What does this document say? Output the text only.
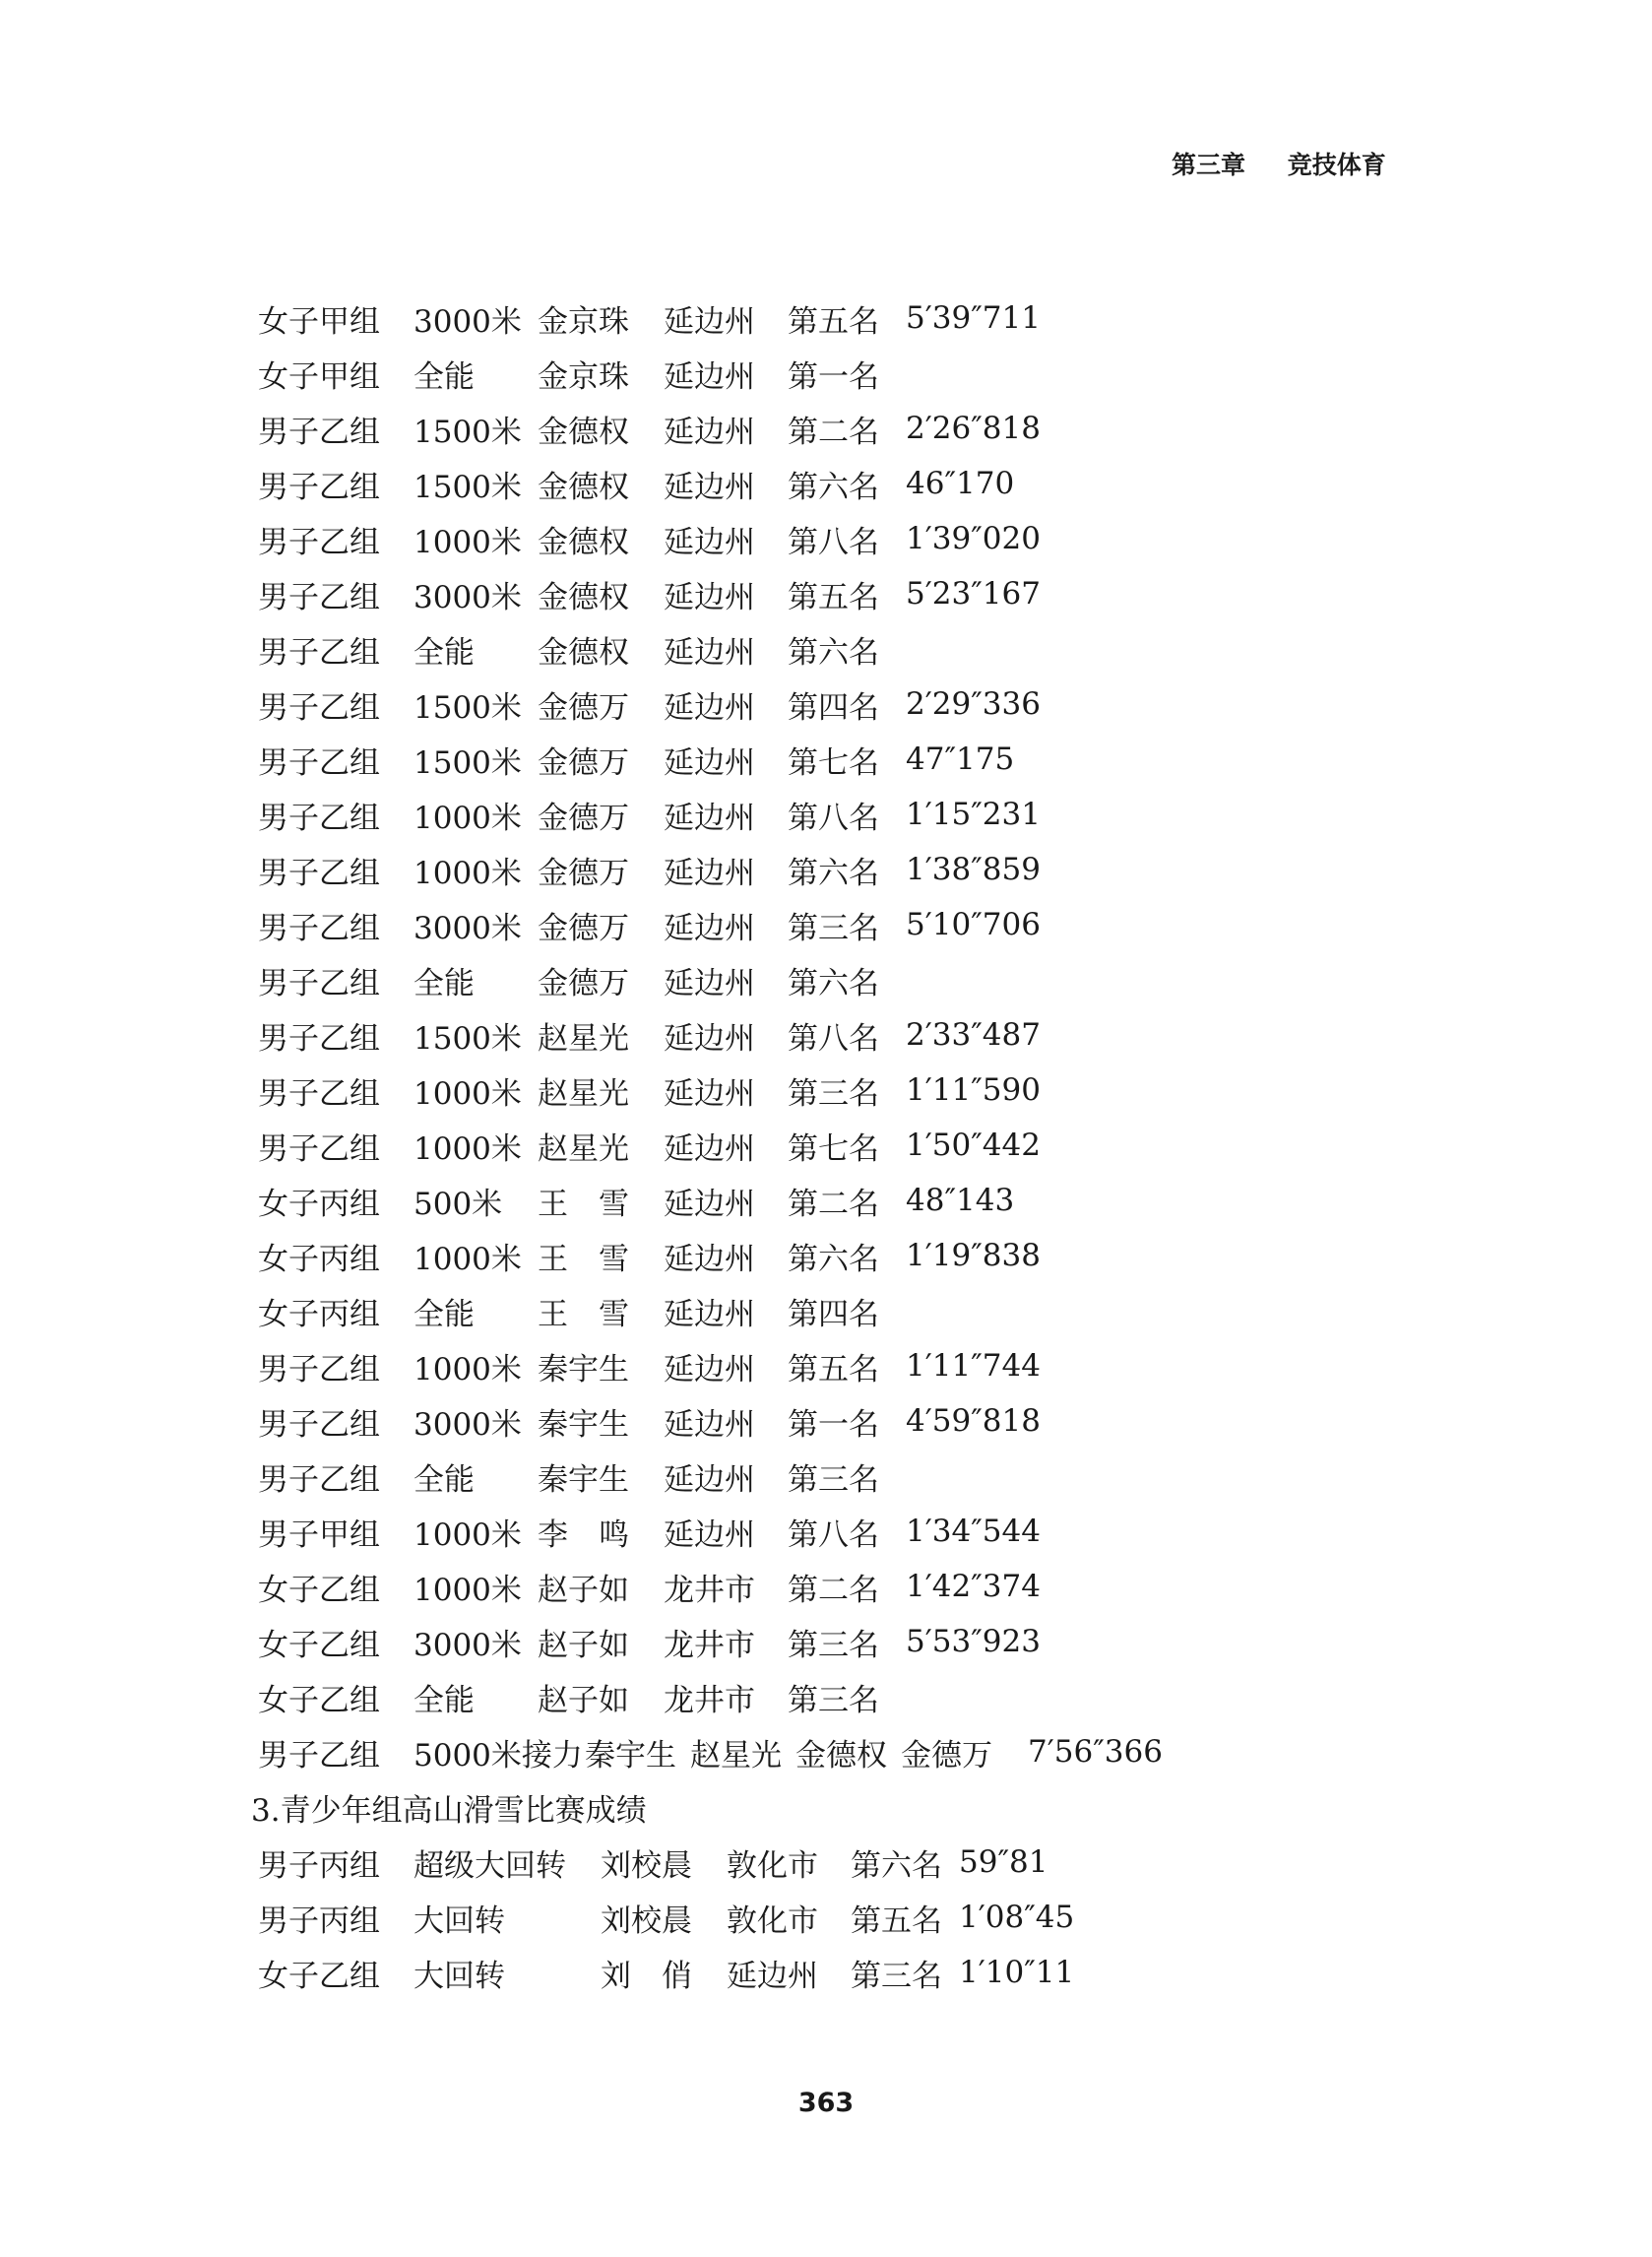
第三章 竞技体育
女子甲组	3000米 金京珠	延边州	第五名 5′39″711
女子甲组	全能	金京珠	延边州	第一名
男子乙组	1500米 金德权	延边州	第二名 2′26″818
男子乙组	1500米 金德权	延边州	第六名 46″170
男子乙组	1000米 金德权	延边州	第八名 1′39″020
男子乙组	3000米 金德权	延边州	第五名 5′23″167
男子乙组	全能	金德权	延边州	第六名
男子乙组	1500米 金德万	延边州	第四名 2′29″336
男子乙组	1500米 金德万	延边州	第七名 47″175
男子乙组	1000米 金德万	延边州	第八名 1′15″231
男子乙组	1000米 金德万	延边州	第六名 1′38″859
男子乙组	3000米 金德万	延边州	第三名 5′10″706
男子乙组	全能	金德万	延边州	第六名
男子乙组	1500米 赵星光	延边州	第八名 2′33″487
男子乙组	1000米 赵星光	延边州	第三名 1′11″590
男子乙组	1000米 赵星光	延边州	第七名 1′50″442
女子丙组	500米	王　雪	延边州	第二名 48″143
女子丙组	1000米 王　雪	延边州	第六名 1′19″838
女子丙组	全能	王　雪	延边州	第四名
男子乙组	1000米 秦宇生	延边州	第五名 1′11″744
男子乙组	3000米 秦宇生	延边州	第一名 4′59″818
男子乙组	全能	秦宇生	延边州	第三名
男子甲组	1000米 李　鸣	延边州	第八名 1′34″544
女子乙组	1000米 赵子如	龙井市	第二名 1′42″374
女子乙组	3000米 赵子如	龙井市	第三名 5′53″923
女子乙组	全能	赵子如	龙井市	第三名
男子乙组	5000米接力 秦宇生 赵星光 金德权 金德万 7′56″366
3.青少年组高山滑雪比赛成绩
男子丙组	超级大回转	刘校晨	敦化市	第六名 59″81
男子丙组	大回转	刘校晨	敦化市	第五名 1′08″45
女子乙组	大回转	刘　俏	延边州	第三名 1′10″11
363
